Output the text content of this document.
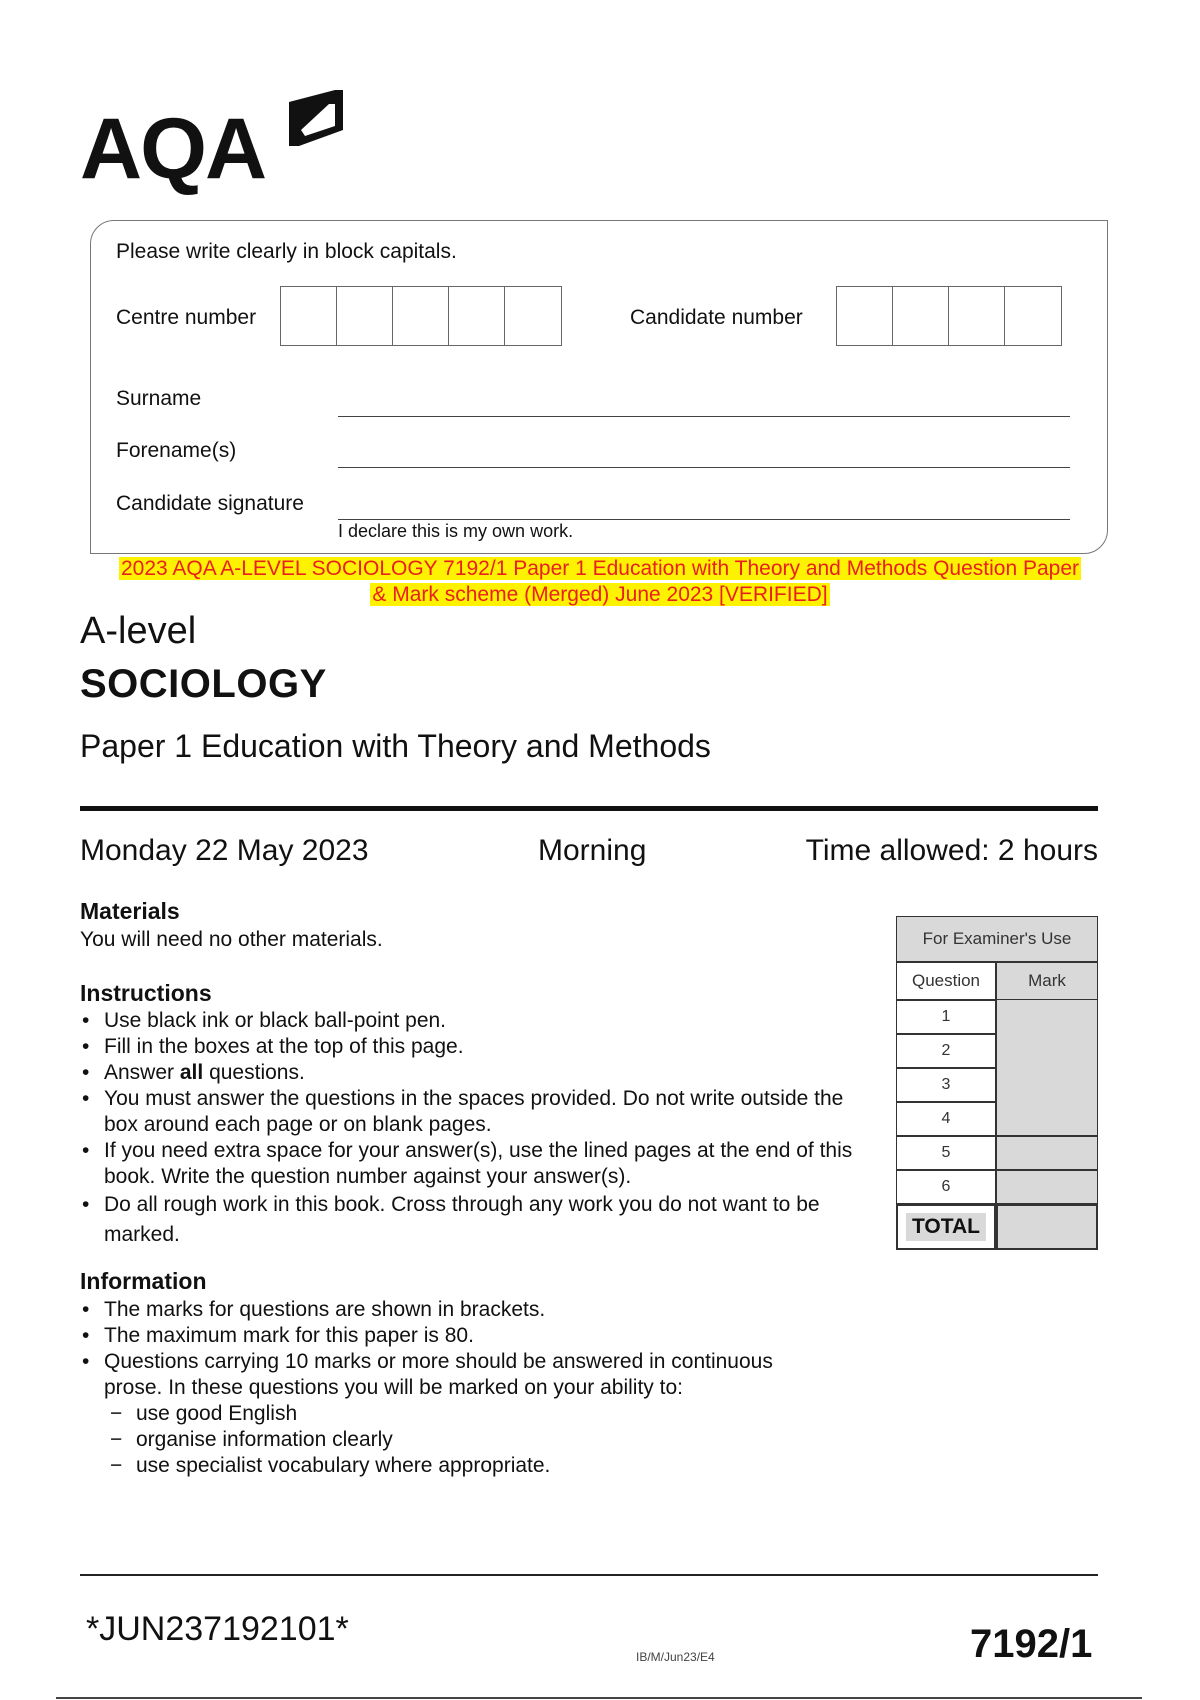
AQA
Please write clearly in block capitals.
Centre number	Candidate number
Surname
Forename(s)
Candidate signature
I declare this is my own work.
2023 AQA A-LEVEL SOCIOLOGY 7192/1 Paper 1 Education with Theory and Methods Question Paper
& Mark scheme (Merged) June 2023 [VERIFIED]
A-level
SOCIOLOGY
Paper 1 Education with Theory and Methods
Monday 22 May 2023	Morning	Time allowed: 2 hours
Materials
You will need no other materials.
Instructions
• Use black ink or black ball-point pen.
• Fill in the boxes at the top of this page.
• Answer all questions.
• You must answer the questions in the spaces provided. Do not write outside the box around each page or on blank pages.
• If you need extra space for your answer(s), use the lined pages at the end of this book. Write the question number against your answer(s).
• Do all rough work in this book. Cross through any work you do not want to be marked.
Information
• The marks for questions are shown in brackets.
• The maximum mark for this paper is 80.
• Questions carrying 10 marks or more should be answered in continuous prose. In these questions you will be marked on your ability to:
− use good English
− organise information clearly
− use specialist vocabulary where appropriate.
For Examiner's Use
Question	Mark
1
2
3
4
5
6
TOTAL
*JUN237192101*
IB/M/Jun23/E4	7192/1
